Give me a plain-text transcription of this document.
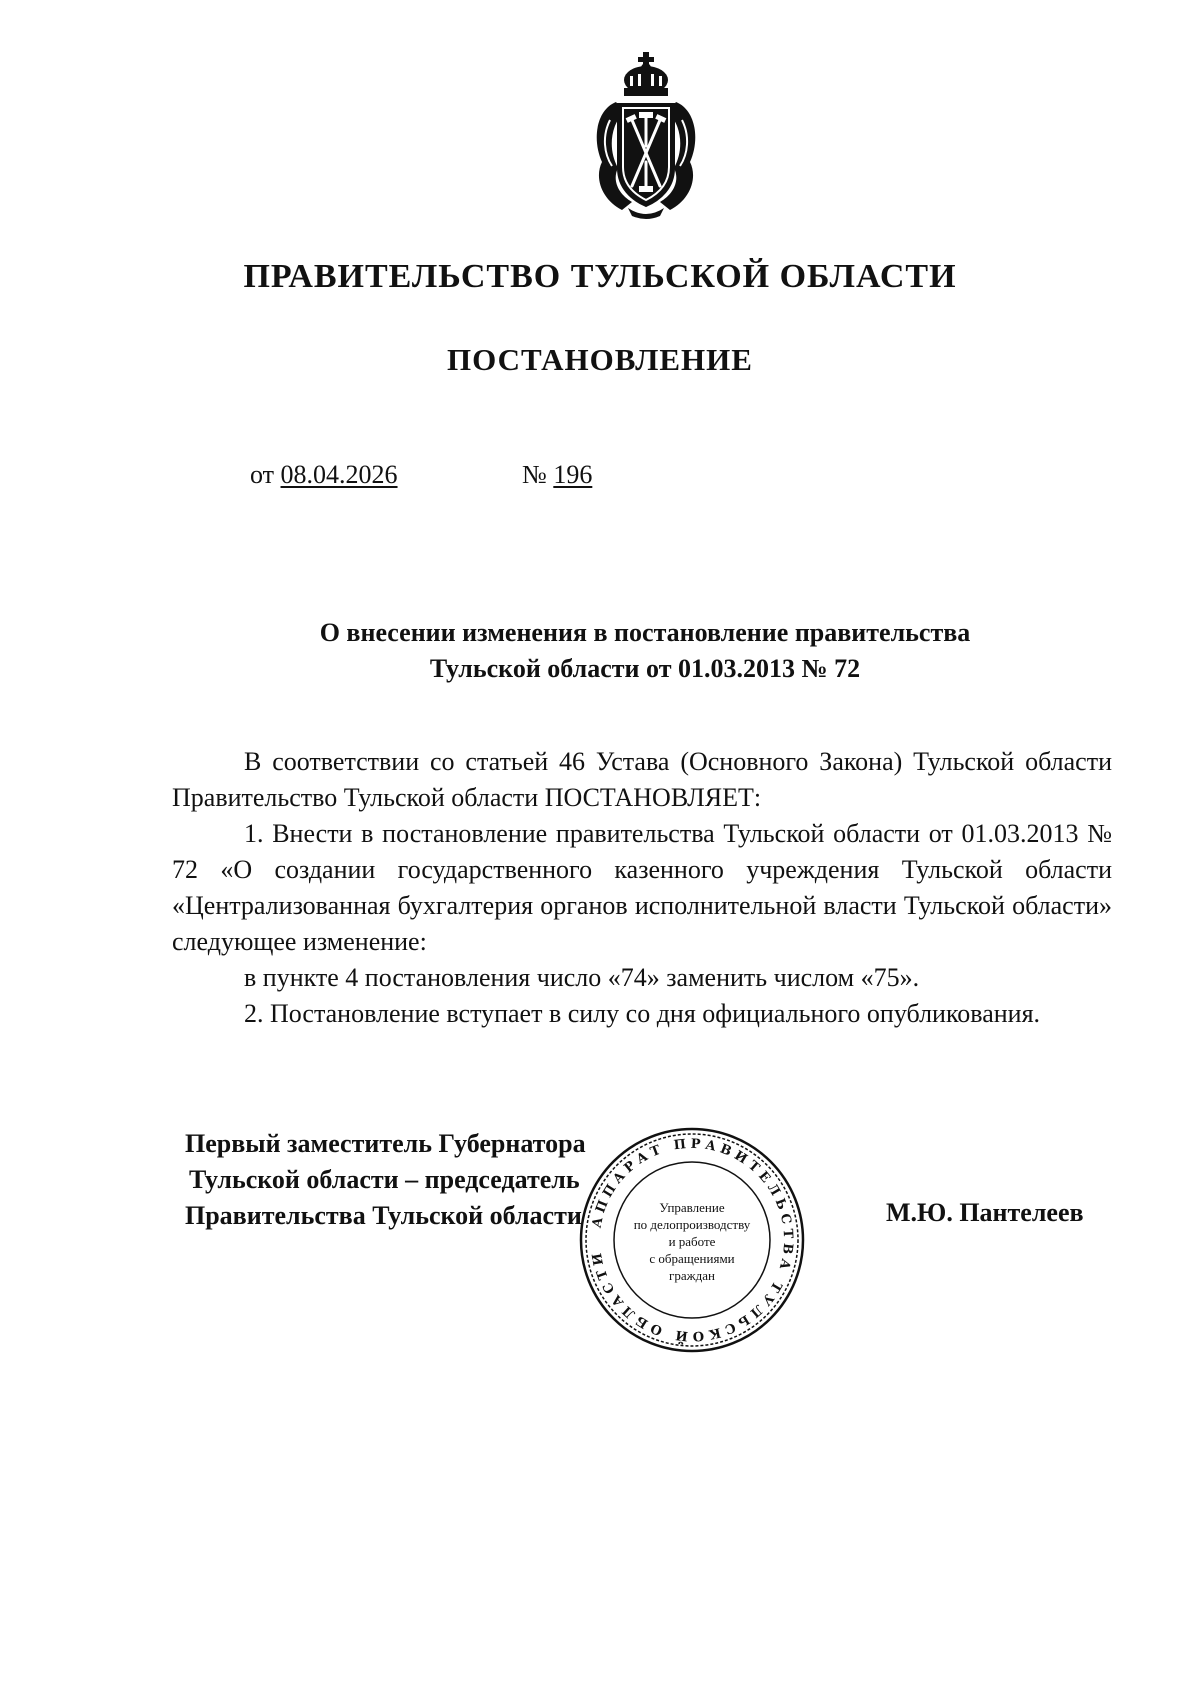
ПРАВИТЕЛЬСТВО ТУЛЬСКОЙ ОБЛАСТИ
ПОСТАНОВЛЕНИЕ
от 08.04.2026	№ 196
О внесении изменения в постановление правительства
Тульской области от 01.03.2013 № 72

В соответствии со статьей 46 Устава (Основного Закона) Тульской области Правительство Тульской области ПОСТАНОВЛЯЕТ:

1. Внести в постановление правительства Тульской области от 01.03.2013 № 72 «О создании государственного казенного учреждения Тульской области «Централизованная бухгалтерия органов исполнительной власти Тульской области» следующее изменение:

в пункте 4 постановления число «74» заменить числом «75».

2. Постановление вступает в силу со дня официального опубликования.

Первый заместитель Губернатора
Тульской области – председатель
Правительства Тульской области АППАРАТ ПРАВИТЕЛЬСТВА ТУЛЬСКОЙ ОБЛАСТИ
Управление
по делопроизводству
и работе
с обращениями
граждан
М.Ю. Пантелеев
